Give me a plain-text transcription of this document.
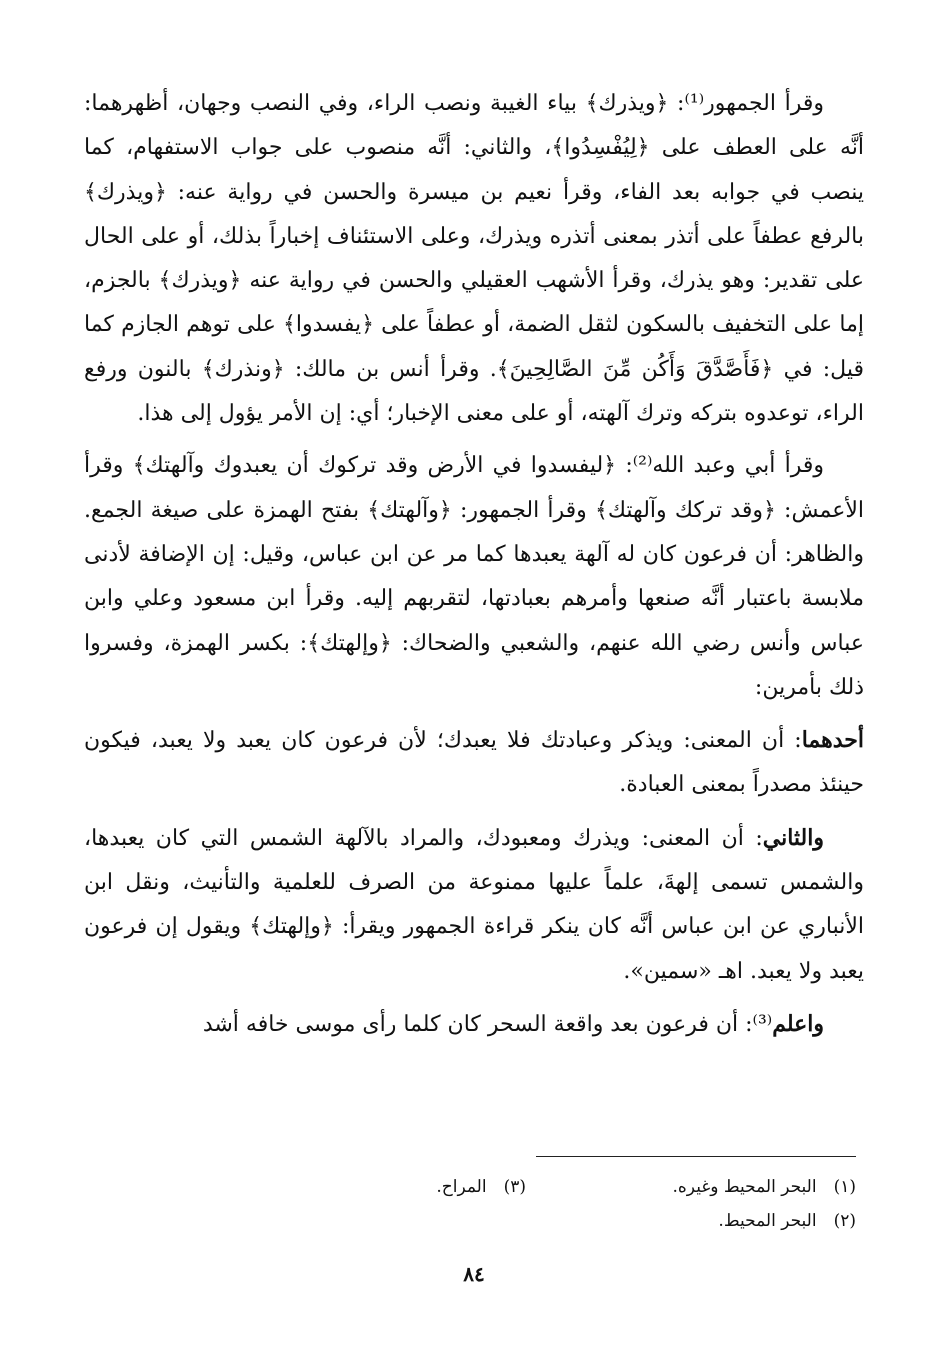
وقرأ الجمهور⁽¹⁾: ﴿ويذرك﴾ بياء الغيبة ونصب الراء، وفي النصب وجهان، أظهرهما: أنَّه على العطف على ﴿لِيُفْسِدُوا﴾، والثاني: أنَّه منصوب على جواب الاستفهام، كما ينصب في جوابه بعد الفاء، وقرأ نعيم بن ميسرة والحسن في رواية عنه: ﴿ويذرك﴾ بالرفع عطفاً على أتذر بمعنى أتذره ويذرك، وعلى الاستئناف إخباراً بذلك، أو على الحال على تقدير: وهو يذرك، وقرأ الأشهب العقيلي والحسن في رواية عنه ﴿ويذرك﴾ بالجزم، إما على التخفيف بالسكون لثقل الضمة، أو عطفاً على ﴿يفسدوا﴾ على توهم الجازم كما قيل: في ﴿فَأَصَّدَّقَ وَأَكُن مِّنَ الصَّالِحِينَ﴾. وقرأ أنس بن مالك: ﴿ونذرك﴾ بالنون ورفع الراء، توعدوه بتركه وترك آلهته، أو على معنى الإخبار؛ أي: إن الأمر يؤول إلى هذا.

وقرأ أبي وعبد الله⁽²⁾: ﴿ليفسدوا في الأرض وقد تركوك أن يعبدوك وآلهتك﴾ وقرأ الأعمش: ﴿وقد تركك وآلهتك﴾ وقرأ الجمهور: ﴿وآلهتك﴾ بفتح الهمزة على صيغة الجمع. والظاهر: أن فرعون كان له آلهة يعبدها كما مر عن ابن عباس، وقيل: إن الإضافة لأدنى ملابسة باعتبار أنَّه صنعها وأمرهم بعبادتها، لتقربهم إليه. وقرأ ابن مسعود وعلي وابن عباس وأنس رضي الله عنهم، والشعبي والضحاك: ﴿وإلهتك﴾: بكسر الهمزة، وفسروا ذلك بأمرين:

أحدهما: أن المعنى: ويذكر وعبادتك فلا يعبدك؛ لأن فرعون كان يعبد ولا يعبد، فيكون حينئذ مصدراً بمعنى العبادة.

والثاني: أن المعنى: ويذرك ومعبودك، والمراد بالآلهة الشمس التي كان يعبدها، والشمس تسمى إلهةَ، علماً عليها ممنوعة من الصرف للعلمية والتأنيث، ونقل ابن الأنباري عن ابن عباس أنَّه كان ينكر قراءة الجمهور ويقرأ: ﴿وإلهتك﴾ ويقول إن فرعون يعبد ولا يعبد. اهـ «سمين».

واعلم⁽³⁾: أن فرعون بعد واقعة السحر كان كلما رأى موسى خافه أشد

(١) البحر المحيط وغيره.
(٣) المراح.
(٢) البحر المحيط.
٨٤
